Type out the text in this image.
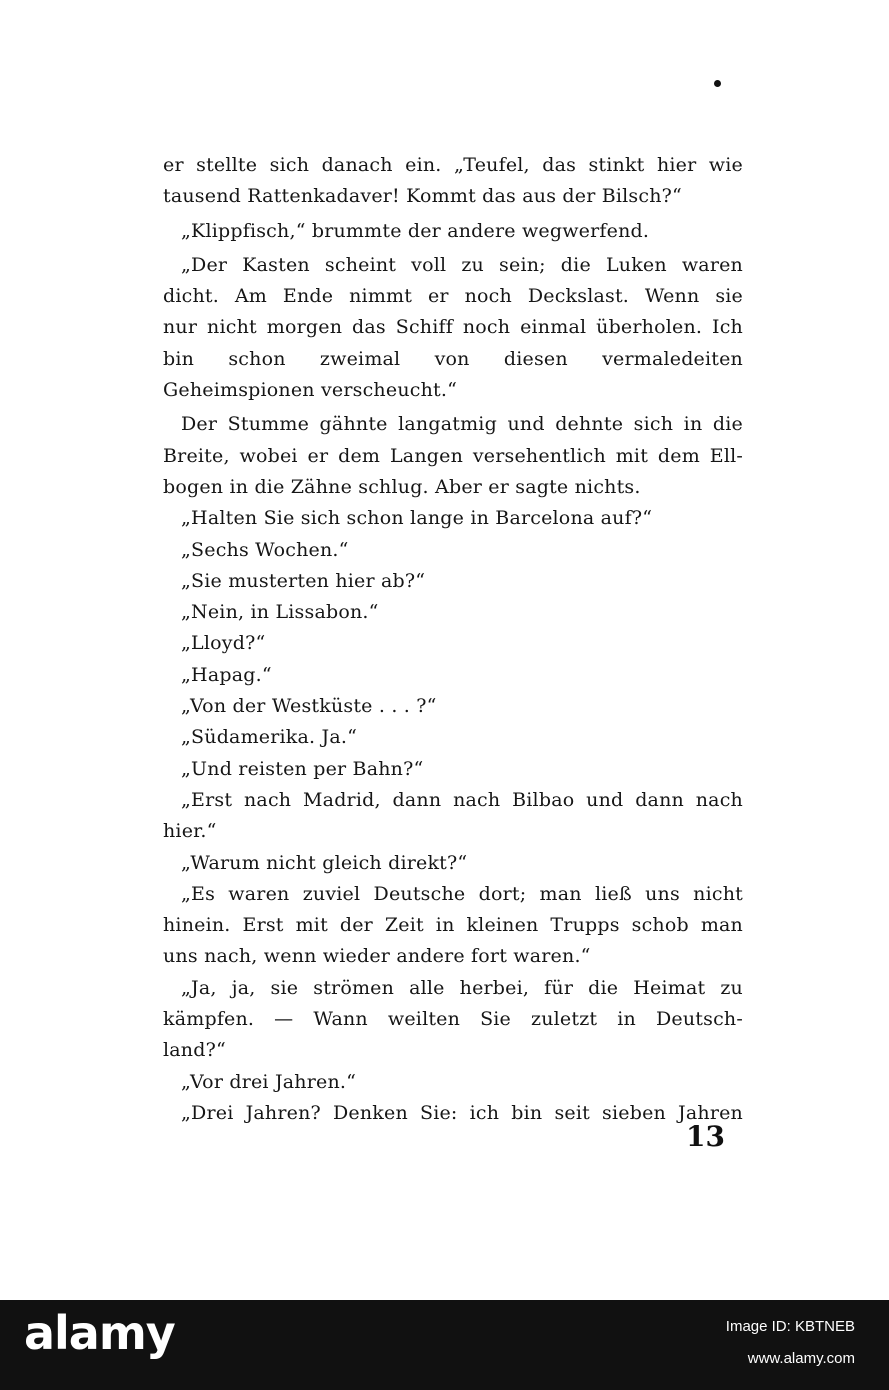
er stellte sich danach ein. „Teufel, das stinkt hier wie
tausend Rattenkadaver! Kommt das aus der Bilsch?“
„Klippfisch,“ brummte der andere wegwerfend.
„Der Kasten scheint voll zu sein; die Luken waren
dicht. Am Ende nimmt er noch Deckslast. Wenn sie
nur nicht morgen das Schiff noch einmal überholen. Ich
bin schon zweimal von diesen vermaledeiten
Geheimspionen verscheucht.“
Der Stumme gähnte langatmig und dehnte sich in die
Breite, wobei er dem Langen versehentlich mit dem Ell-
bogen in die Zähne schlug. Aber er sagte nichts.
„Halten Sie sich schon lange in Barcelona auf?“
„Sechs Wochen.“
„Sie musterten hier ab?“
„Nein, in Lissabon.“
„Lloyd?“
„Hapag.“
„Von der Westküste . . . ?“
„Südamerika. Ja.“
„Und reisten per Bahn?“
„Erst nach Madrid, dann nach Bilbao und dann nach
hier.“
„Warum nicht gleich direkt?“
„Es waren zuviel Deutsche dort; man ließ uns nicht
hinein. Erst mit der Zeit in kleinen Trupps schob man
uns nach, wenn wieder andere fort waren.“
„Ja, ja, sie strömen alle herbei, für die Heimat zu
kämpfen. — Wann weilten Sie zuletzt in Deutsch-
land?“
„Vor drei Jahren.“
„Drei Jahren? Denken Sie: ich bin seit sieben Jahren
13
alamy	Image ID: KBTNEB
www.alamy.com
